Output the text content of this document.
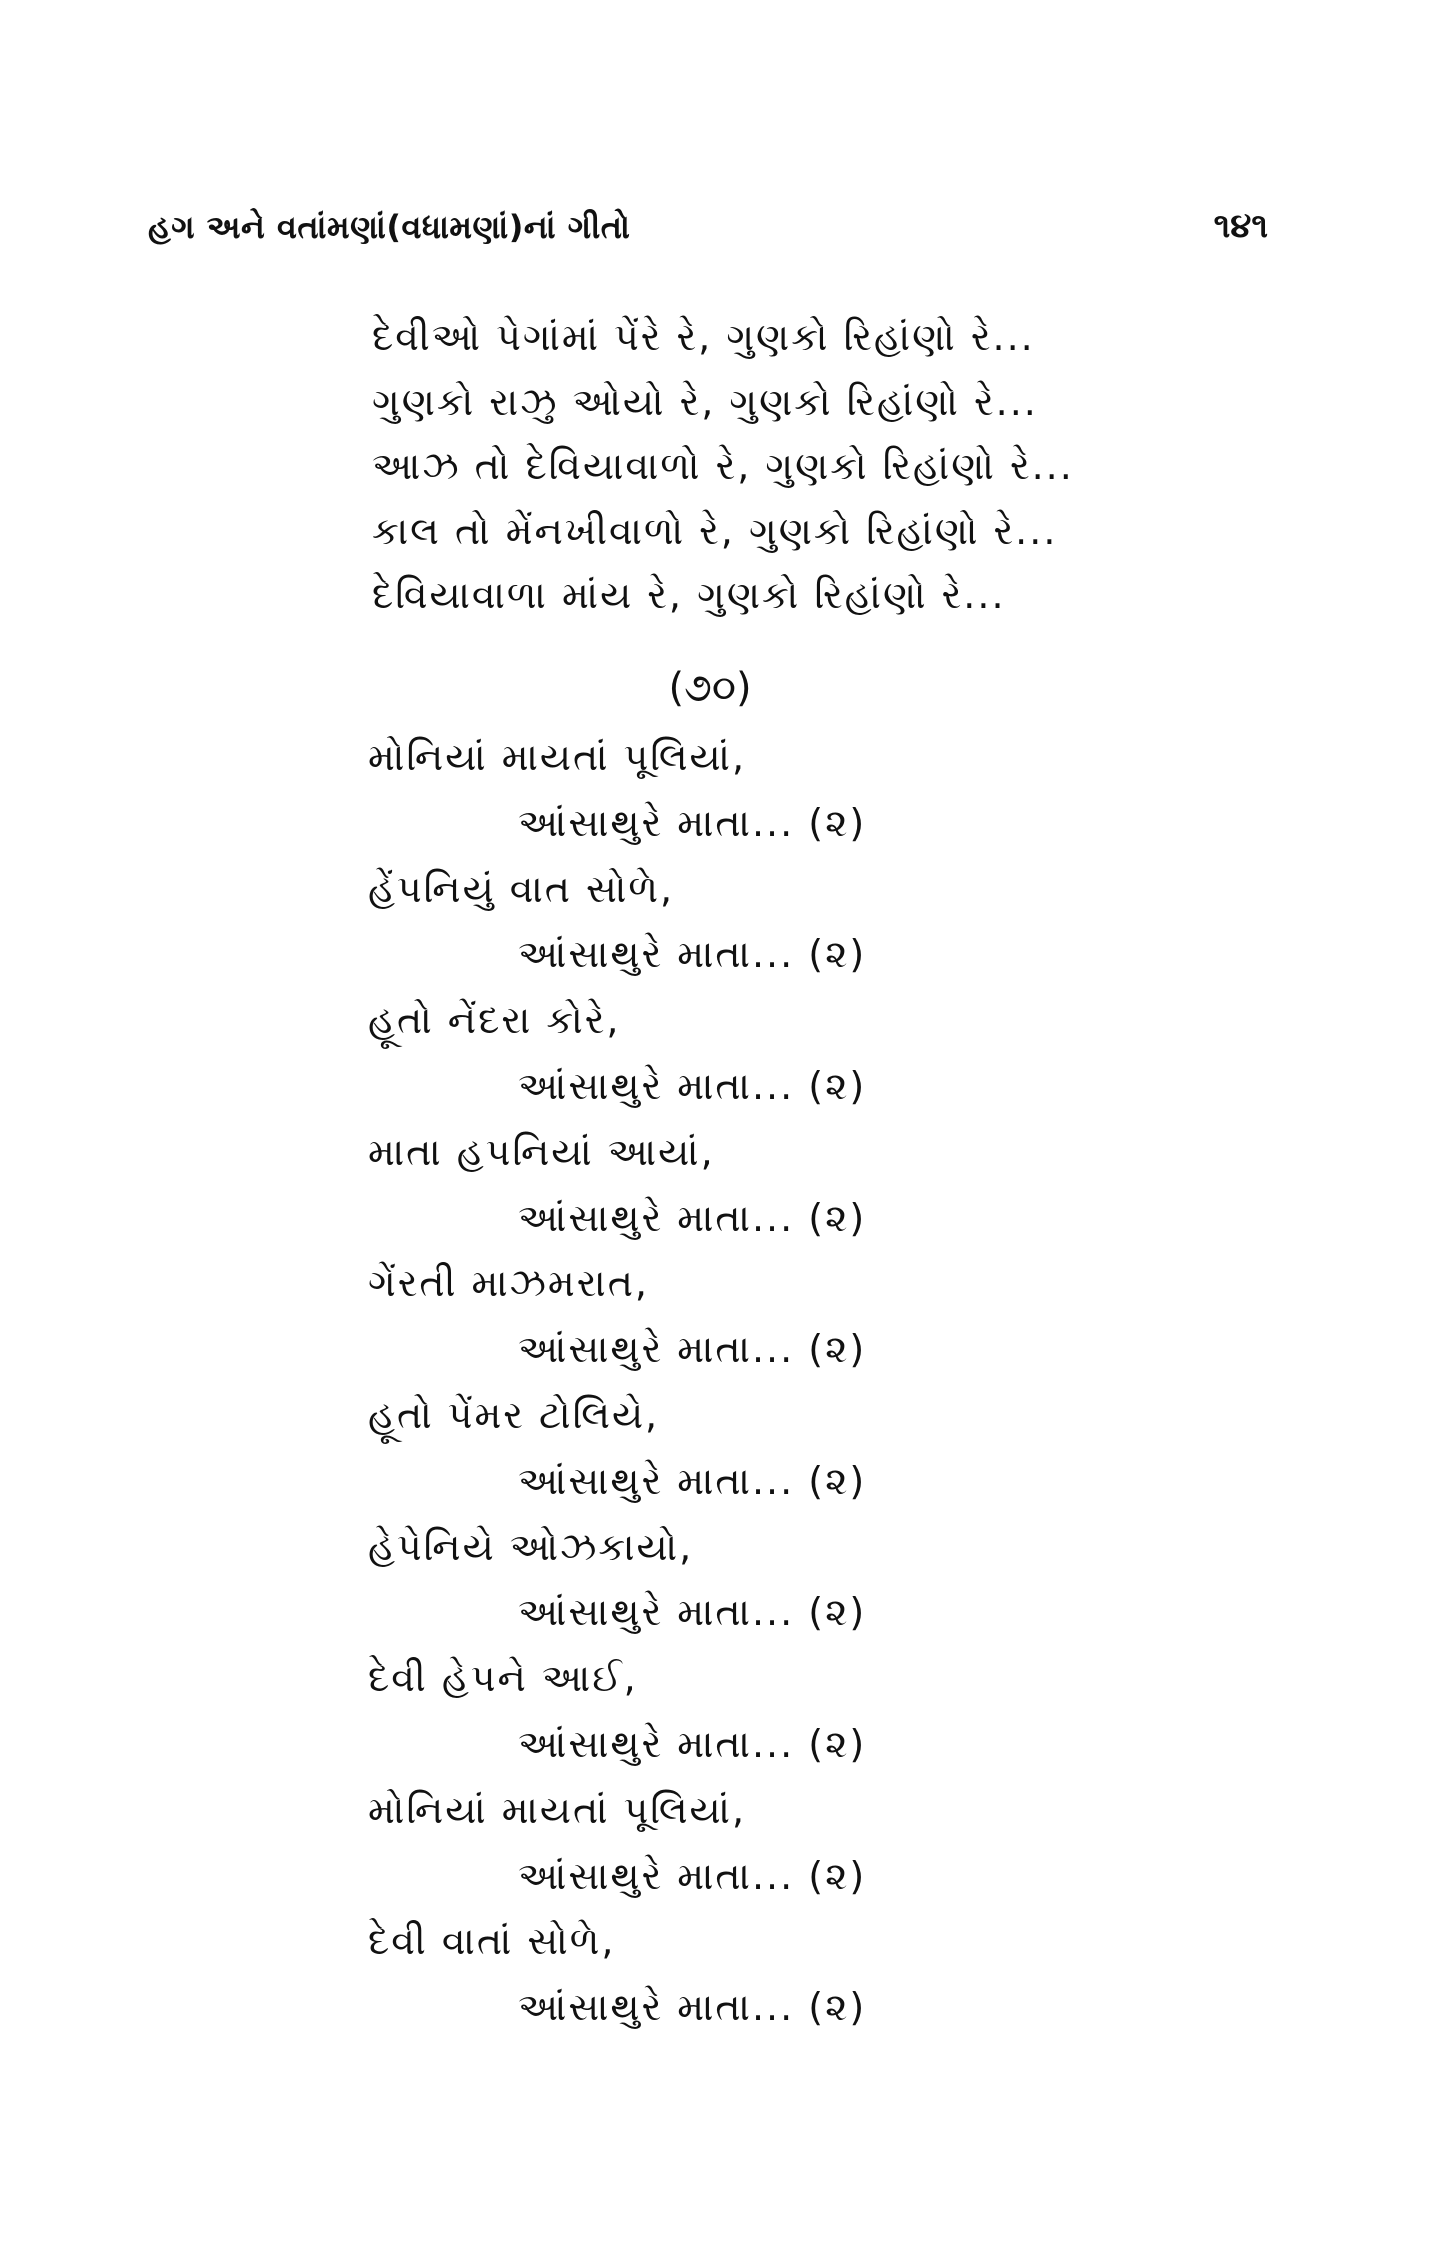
હગ અને વતાંમણાં(વધામણાં)નાં ગીતો	૧૪૧
દેવીઓ પેગાંમાં પેંરે રે, ગુણકો રિહાંણો રે...
ગુણકો રાઝુ ઓયો રે, ગુણકો રિહાંણો રે...
આઝ તો દેવિયાવાળો રે, ગુણકો રિહાંણો રે...
કાલ તો મેંનખીવાળો રે, ગુણકો રિહાંણો રે...
દેવિયાવાળા માંય રે, ગુણકો રિહાંણો રે...
(૭૦)
મોનિયાં માયતાં પૂલિયાં,
આંસાથુરે માતા... (૨)
હેંપનિયું વાત સોળે,
આંસાથુરે માતા... (૨)
હૂતો નેંદરા કોરે,
આંસાથુરે માતા... (૨)
માતા હપનિયાં આયાં,
આંસાથુરે માતા... (૨)
ગેંરતી માઝમરાત,
આંસાથુરે માતા... (૨)
હૂતો પેંમર ટોલિયે,
આંસાથુરે માતા... (૨)
હેપેનિયે ઓઝકાયો,
આંસાથુરે માતા... (૨)
દેવી હેપને આઈ,
આંસાથુરે માતા... (૨)
મોનિયાં માયતાં પૂલિયાં,
આંસાથુરે માતા... (૨)
દેવી વાતાં સોળે,
આંસાથુરે માતા... (૨)
